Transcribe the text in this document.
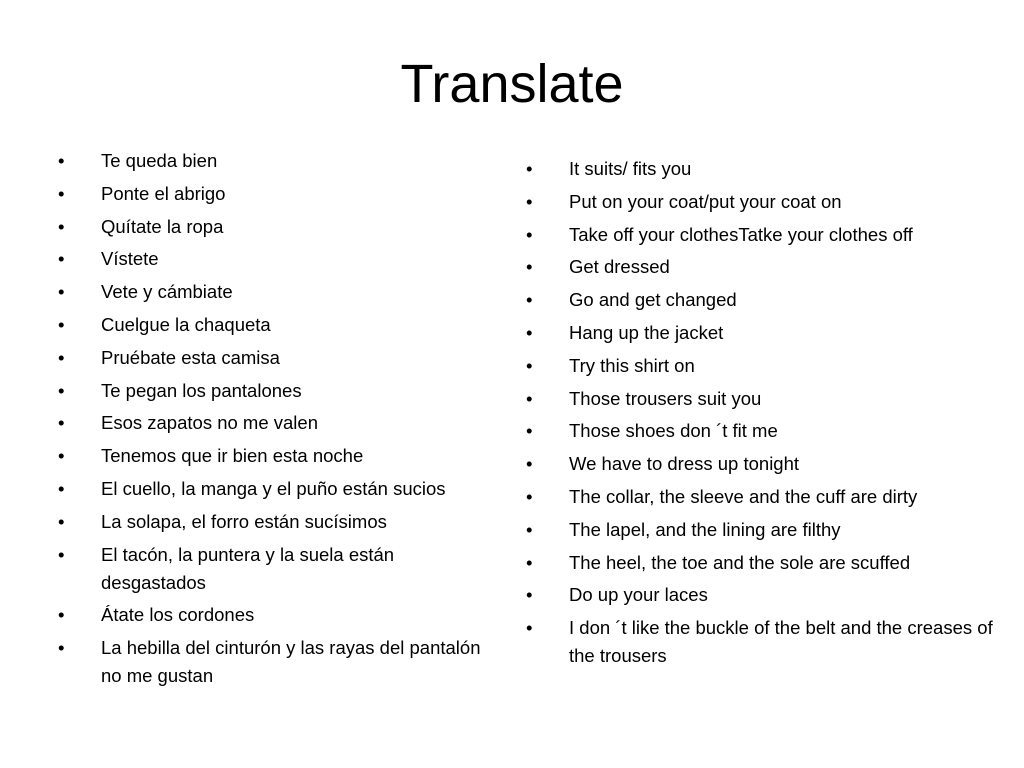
Translate
•	Te queda bien
•	Ponte el abrigo
•	Quítate la ropa
•	Vístete
•	Vete y cámbiate
•	Cuelgue la chaqueta
•	Pruébate esta camisa
•	Te pegan los pantalones
•	Esos zapatos no me valen
•	Tenemos que ir bien esta noche
•	El cuello, la manga y el puño están sucios
•	La solapa, el forro están sucísimos
•	El tacón, la puntera y la suela están desgastados
•	Átate los cordones
•	La hebilla del cinturón y las rayas del pantalón no me gustan
•	It suits/ fits you
•	Put on your coat/put your coat on
•	Take off your clothesTatke your clothes off
•	Get dressed
•	Go and get changed
•	Hang up the jacket
•	Try this shirt on
•	Those trousers suit you
•	Those shoes don ´t fit me
•	We have to dress up tonight
•	The collar, the sleeve and the cuff are dirty
•	The lapel, and the lining are filthy
•	The heel, the toe and the sole are scuffed
•	Do up your laces
•	I don ´t like the buckle of the belt and the creases of the trousers
